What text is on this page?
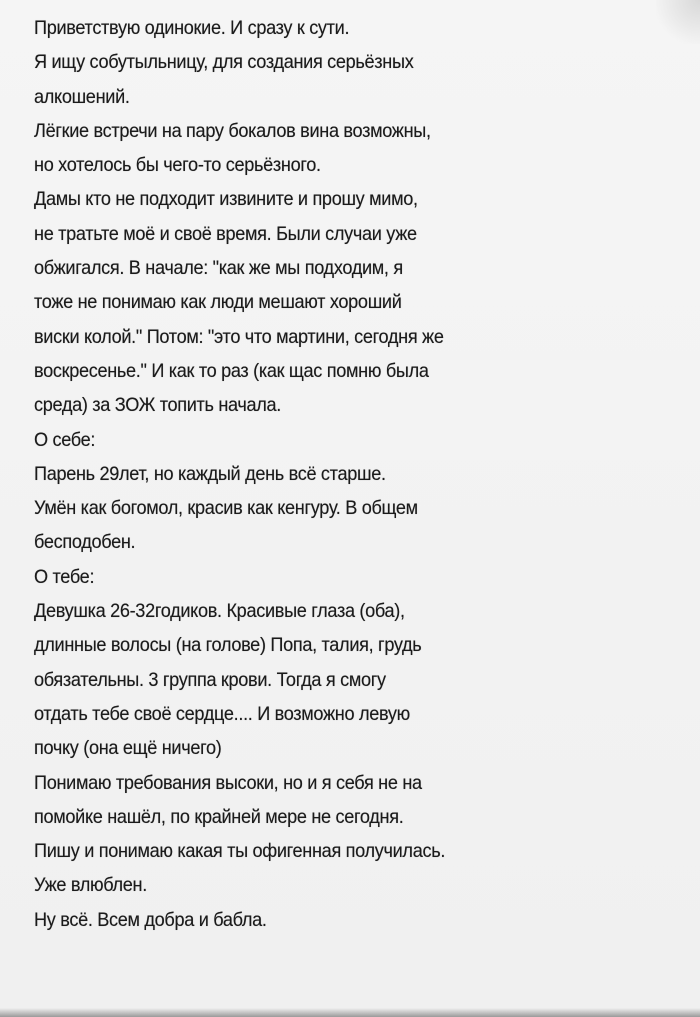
Приветствую одинокие. И сразу к сути.
Я ищу собутыльницу, для создания серьёзных
алкошений.
Лёгкие встречи на пару бокалов вина возможны,
но хотелось бы чего-то серьёзного.
Дамы кто не подходит извините и прошу мимо,
не тратьте моё и своё время. Были случаи уже
обжигался. В начале: "как же мы подходим, я
тоже не понимаю как люди мешают хороший
виски колой." Потом: "это что мартини, сегодня же
воскресенье." И как то раз (как щас помню была
среда) за ЗОЖ топить начала.
О себе:
Парень 29лет, но каждый день всё старше.
Умён как богомол, красив как кенгуру. В общем
бесподобен.
О тебе:
Девушка 26-32годиков. Красивые глаза (оба),
длинные волосы (на голове) Попа, талия, грудь
обязательны. 3 группа крови. Тогда я смогу
отдать тебе своё сердце.... И возможно левую
почку (она ещё ничего)
Понимаю требования высоки, но и я себя не на
помойке нашёл, по крайней мере не сегодня.
Пишу и понимаю какая ты офигенная получилась.
Уже влюблен.
Ну всё. Всем добра и бабла.
